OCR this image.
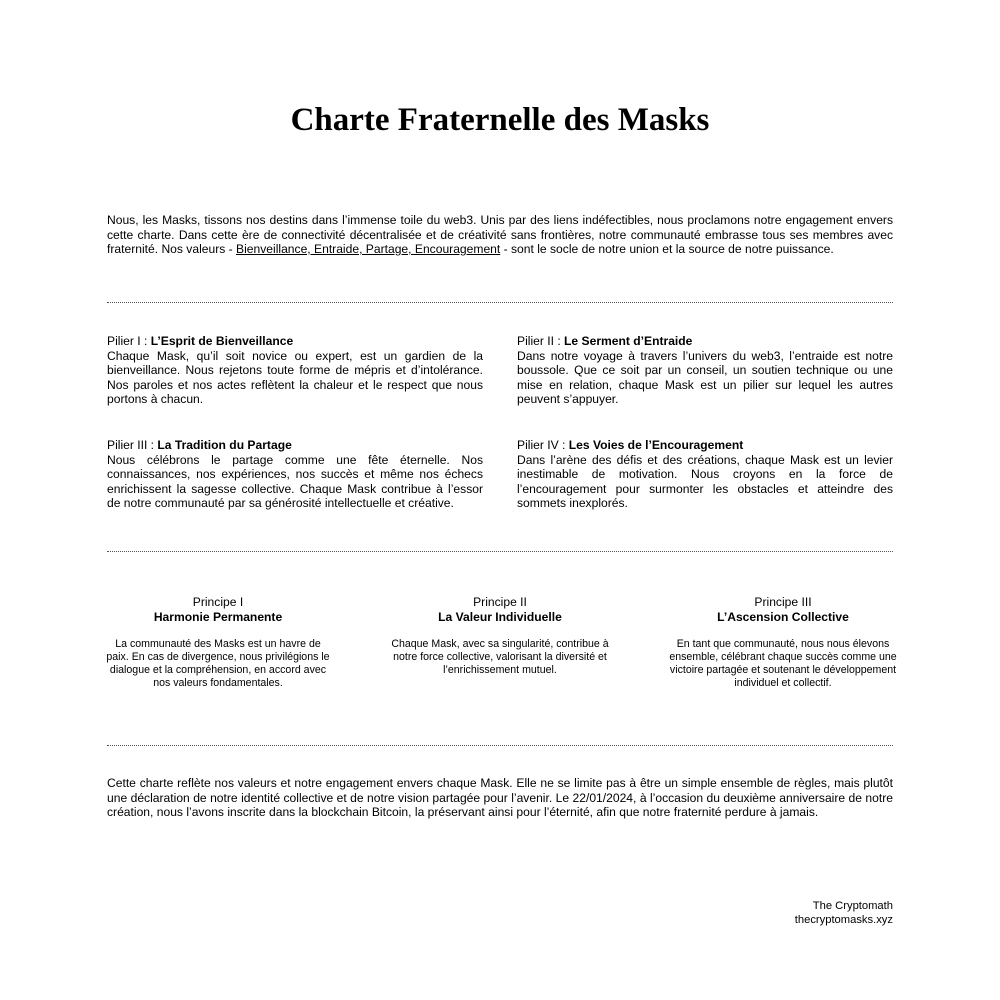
Charte Fraternelle des Masks

Nous, les Masks, tissons nos destins dans l’immense toile du web3. Unis par des liens indéfectibles, nous proclamons notre engagement envers cette charte. Dans cette ère de connectivité décentralisée et de créativité sans frontières, notre communauté embrasse tous ses membres avec fraternité. Nos valeurs - Bienveillance, Entraide, Partage, Encouragement - sont le socle de notre union et la source de notre puissance.

Pilier I : L’Esprit de Bienveillance

Chaque Mask, qu’il soit novice ou expert, est un gardien de la bienveillance. Nous rejetons toute forme de mépris et d’intolérance. Nos paroles et nos actes reflètent la chaleur et le respect que nous portons à chacun.

Pilier II : Le Serment d’Entraide

Dans notre voyage à travers l’univers du web3, l’entraide est notre boussole. Que ce soit par un conseil, un soutien technique ou une mise en relation, chaque Mask est un pilier sur lequel les autres peuvent s’appuyer.

Pilier III : La Tradition du Partage

Nous célébrons le partage comme une fête éternelle. Nos connaissances, nos expériences, nos succès et même nos échecs enrichissent la sagesse collective. Chaque Mask contribue à l’essor de notre communauté par sa générosité intellectuelle et créative.

Pilier IV : Les Voies de l’Encouragement

Dans l’arène des défis et des créations, chaque Mask est un levier inestimable de motivation. Nous croyons en la force de l’encouragement pour surmonter les obstacles et atteindre des sommets inexplorés.

Principe I

Harmonie Permanente

La communauté des Masks est un havre de paix. En cas de divergence, nous privilégions le dialogue et la compréhension, en accord avec nos valeurs fondamentales.

Principe II

La Valeur Individuelle

Chaque Mask, avec sa singularité, contribue à notre force collective, valorisant la diversité et l’enrichissement mutuel.

Principe III

L’Ascension Collective

En tant que communauté, nous nous élevons ensemble, célébrant chaque succès comme une victoire partagée et soutenant le développement individuel et collectif.

Cette charte reflète nos valeurs et notre engagement envers chaque Mask. Elle ne se limite pas à être un simple ensemble de règles, mais plutôt une déclaration de notre identité collective et de notre vision partagée pour l’avenir. Le 22/01/2024, à l’occasion du deuxième anniversaire de notre création, nous l’avons inscrite dans la blockchain Bitcoin, la préservant ainsi pour l’éternité, afin que notre fraternité perdure à jamais.

The Cryptomath
thecryptomasks.xyz
